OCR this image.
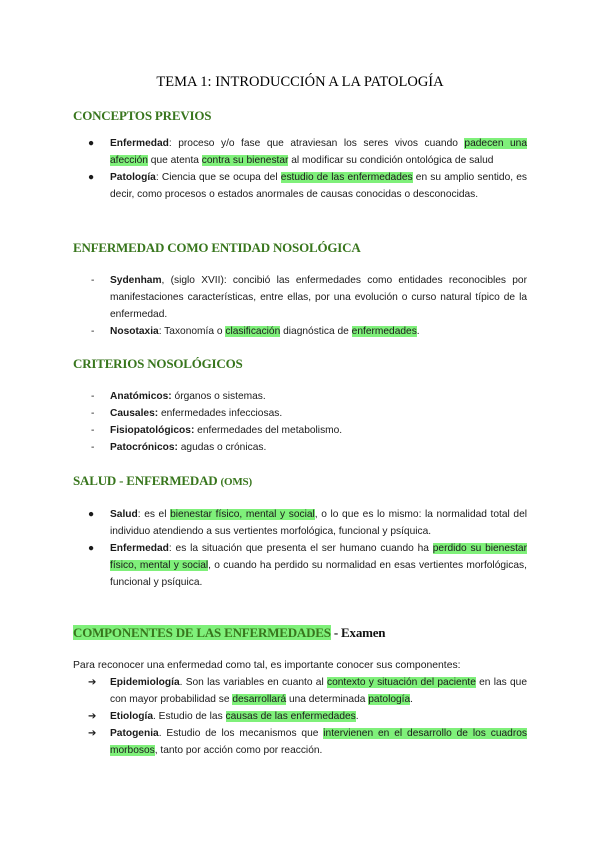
TEMA 1: INTRODUCCIÓN A LA PATOLOGÍA
CONCEPTOS PREVIOS
● Enfermedad: proceso y/o fase que atraviesan los seres vivos cuando padecen una afección que atenta contra su bienestar al modificar su condición ontológica de salud
● Patología: Ciencia que se ocupa del estudio de las enfermedades en su amplio sentido, es decir, como procesos o estados anormales de causas conocidas o desconocidas.
ENFERMEDAD COMO ENTIDAD NOSOLÓGICA
- Sydenham, (siglo XVII): concibió las enfermedades como entidades reconocibles por manifestaciones características, entre ellas, por una evolución o curso natural típico de la enfermedad.
- Nosotaxia: Taxonomía o clasificación diagnóstica de enfermedades.
CRITERIOS NOSOLÓGICOS
- Anatómicos: órganos o sistemas.
- Causales: enfermedades infecciosas.
- Fisiopatológicos: enfermedades del metabolismo.
- Patocrónicos: agudas o crónicas.
SALUD - ENFERMEDAD (OMS)
● Salud: es el bienestar físico, mental y social, o lo que es lo mismo: la normalidad total del individuo atendiendo a sus vertientes morfológica, funcional y psíquica.
● Enfermedad: es la situación que presenta el ser humano cuando ha perdido su bienestar físico, mental y social, o cuando ha perdido su normalidad en esas vertientes morfológicas, funcional y psíquica.
COMPONENTES DE LAS ENFERMEDADES - Examen
Para reconocer una enfermedad como tal, es importante conocer sus componentes:
➔ Epidemiología. Son las variables en cuanto al contexto y situación del paciente en las que con mayor probabilidad se desarrollará una determinada patología.
➔ Etiología. Estudio de las causas de las enfermedades.
➔ Patogenia. Estudio de los mecanismos que intervienen en el desarrollo de los cuadros morbosos, tanto por acción como por reacción.
